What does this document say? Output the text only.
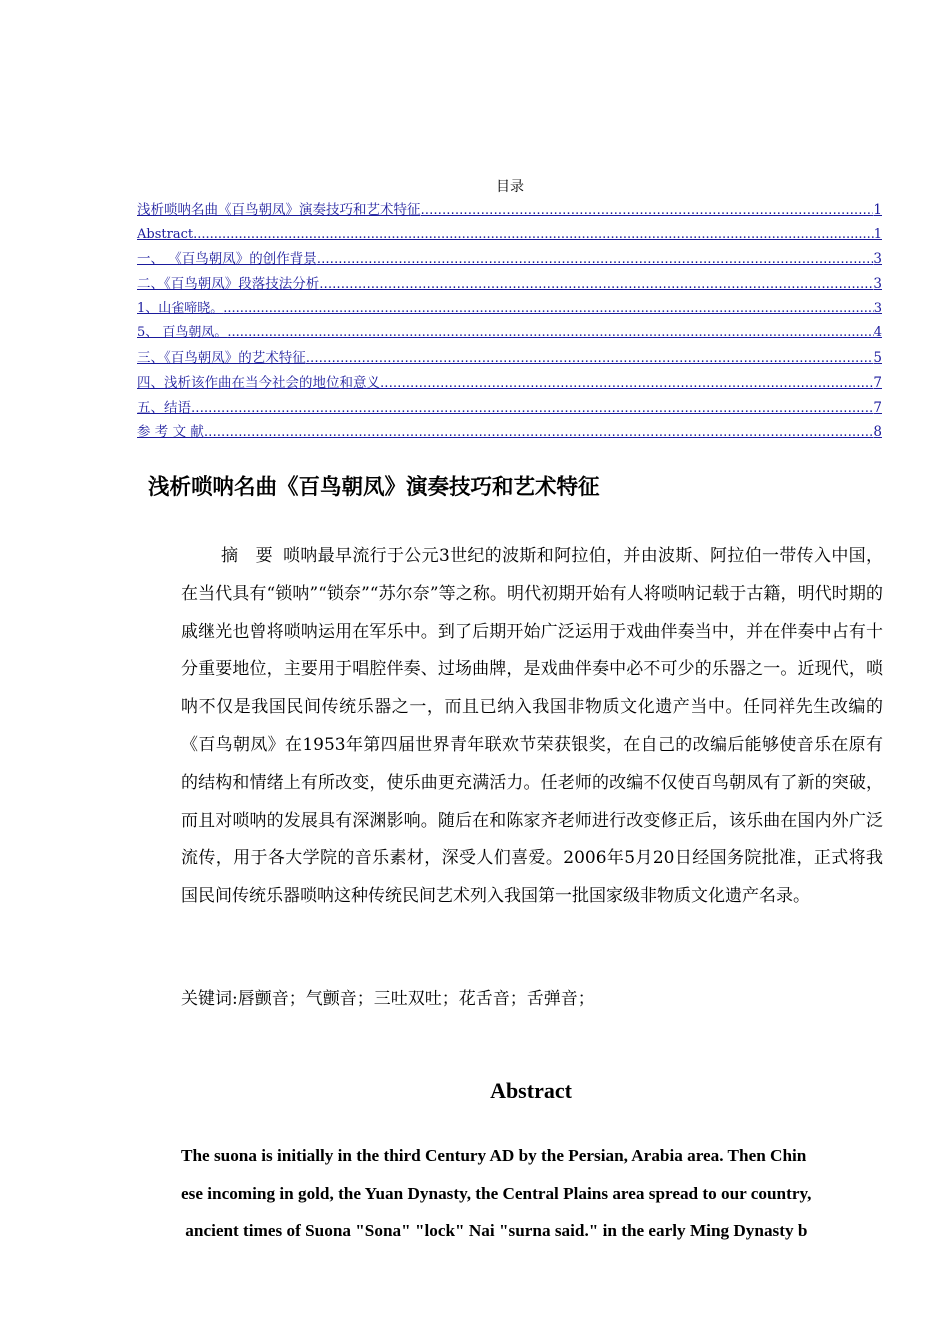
目录
浅析唢呐名曲《百鸟朝凤》演奏技巧和艺术特征 .....	1
Abstract .....	1
一、 《百鸟朝凤》的创作背景 .....	3
二、《百鸟朝凤》段落技法分析 .....	3
1、山雀啼晓。 .....	3
5、 百鸟朝凤。 .....	4
三、《百鸟朝凤》的艺术特征 .....	5
四、浅析该作曲在当今社会的地位和意义 .....	7
五、结语 .....	7
参 考 文 献 .....	8
浅析唢呐名曲《百鸟朝凤》演奏技巧和艺术特征

摘　要 唢呐最早流行于公元3世纪的波斯和阿拉伯，并由波斯、阿拉伯一带传入中国，在当代具有“锁呐”“锁奈”“苏尔奈”等之称。明代初期开始有人将唢呐记载于古籍，明代时期的戚继光也曾将唢呐运用在军乐中。到了后期开始广泛运用于戏曲伴奏当中，并在伴奏中占有十分重要地位，主要用于唱腔伴奏、过场曲牌，是戏曲伴奏中必不可少的乐器之一。近现代，唢呐不仅是我国民间传统乐器之一，而且已纳入我国非物质文化遗产当中。任同祥先生改编的《百鸟朝凤》在1953年第四届世界青年联欢节荣获银奖，在自己的改编后能够使音乐在原有的结构和情绪上有所改变，使乐曲更充满活力。任老师的改编不仅使百鸟朝凤有了新的突破，而且对唢呐的发展具有深渊影响。随后在和陈家齐老师进行改变修正后，该乐曲在国内外广泛流传，用于各大学院的音乐素材，深受人们喜爱。2006年5月20日经国务院批准，正式将我国民间传统乐器唢呐这种传统民间艺术列入我国第一批国家级非物质文化遗产名录。

关键词:唇颤音；气颤音；三吐双吐；花舌音；舌弹音；
Abstract

The suona is initially in the third Century AD by the Persian, Arabia area. Then Chin
ese incoming in gold, the Yuan Dynasty, the Central Plains area spread to our country,
ancient times of Suona "Sona" "lock" Nai "surna said." in the early Ming Dynasty b
